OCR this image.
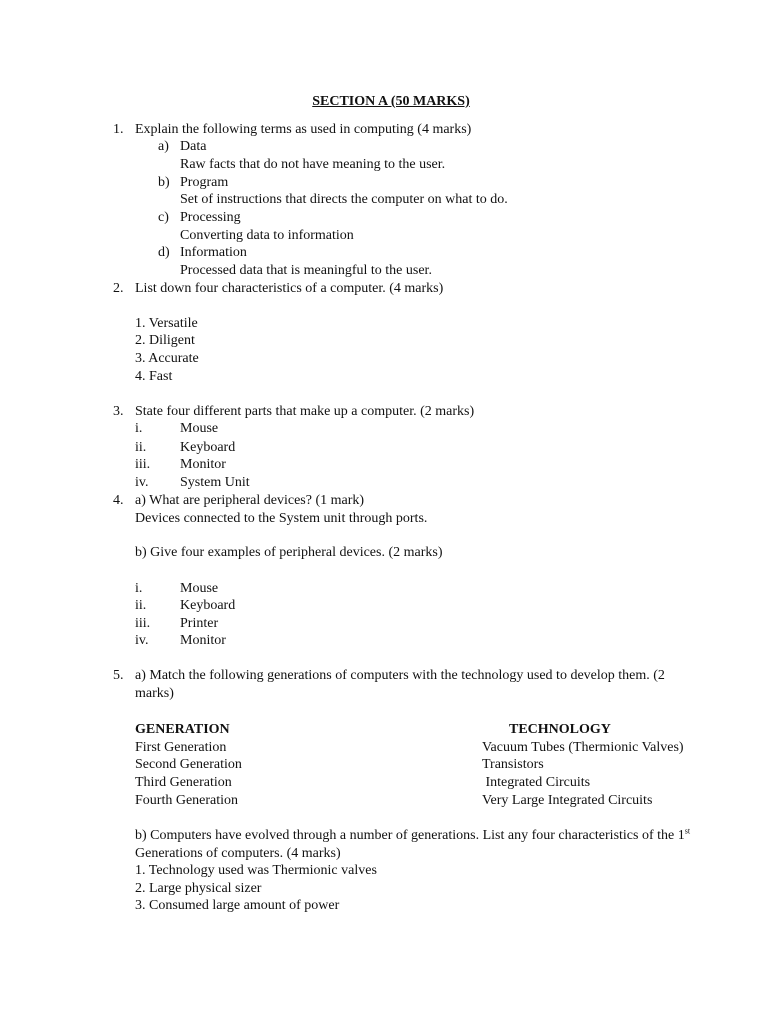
SECTION A (50 MARKS)
1. Explain the following terms as used in computing (4 marks)
a) Data
Raw facts that do not have meaning to the user.
b) Program
Set of instructions that directs the computer on what to do.
c) Processing
Converting data to information
d) Information
Processed data that is meaningful to the user.
2. List down four characteristics of a computer. (4 marks)
1. Versatile
2. Diligent
3. Accurate
4. Fast
3. State four different parts that make up a computer. (2 marks)
i.	Mouse
ii. Keyboard
iii. Monitor
iv. System Unit
4. a) What are peripheral devices? (1 mark)
Devices connected to the System unit through ports.
b) Give four examples of peripheral devices. (2 marks)
i.	Mouse
ii. Keyboard
iii. Printer
iv. Monitor
5. a) Match the following generations of computers with the technology used to develop them. (2
marks)
GENERATION	TECHNOLOGY
First Generation	Vacuum Tubes (Thermionic Valves)
Second Generation	Transistors
Third Generation	Integrated Circuits
Fourth Generation	Very Large Integrated Circuits
b) Computers have evolved through a number of generations. List any four characteristics of the 1st
Generations of computers. (4 marks)
1. Technology used was Thermionic valves
2. Large physical sizer
3. Consumed large amount of power
